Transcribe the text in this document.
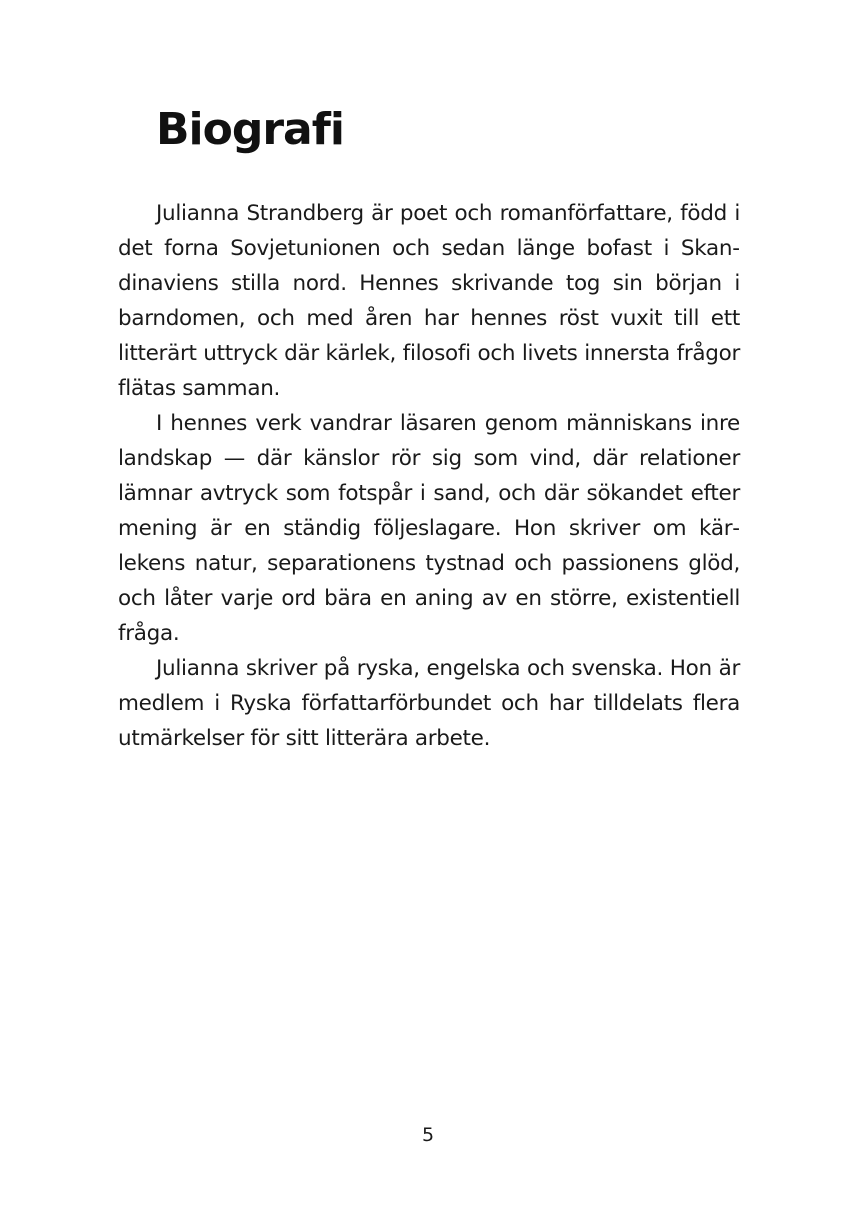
Biografi

Julianna Strandberg är poet och romanförfattare, född i det forna Sovjetunionen och sedan länge bofast i Skandinaviens stilla nord. Hennes skrivande tog sin början i barndomen, och med åren har hennes röst vuxit till ett litterärt uttryck där kärlek, filosofi och livets innersta frågor flätas samman.

I hennes verk vandrar läsaren genom människans inre landskap — där känslor rör sig som vind, där relationer lämnar avtryck som fotspår i sand, och där sökandet efter mening är en ständig följeslagare. Hon skriver om kärlekens natur, separationens tystnad och passionens glöd, och låter varje ord bära en aning av en större, existentiell fråga.

Julianna skriver på ryska, engelska och svenska. Hon är medlem i Ryska författarförbundet och har tilldelats flera utmärkelser för sitt litterära arbete.

5
